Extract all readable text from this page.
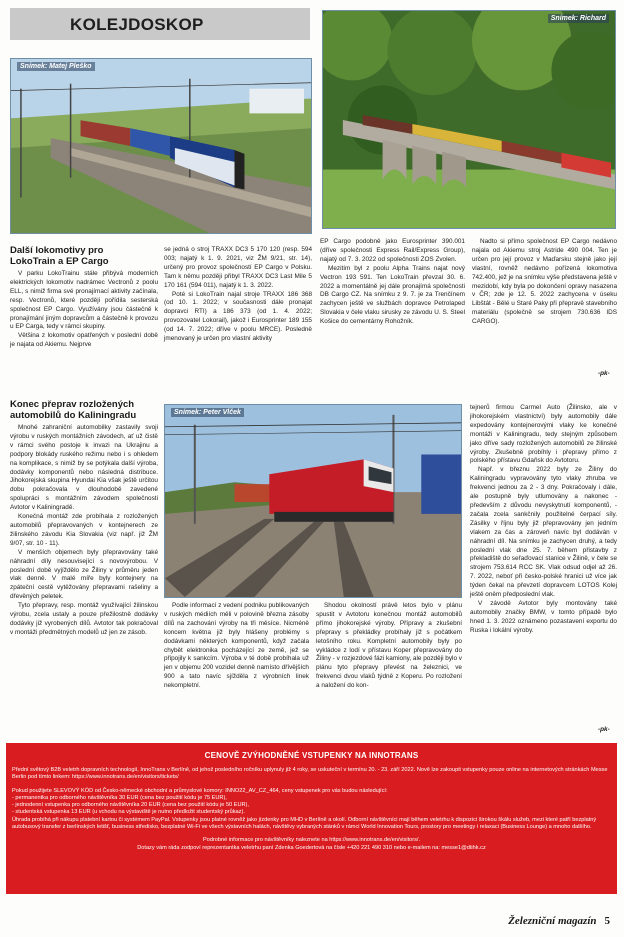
KOLEJDOSKOP
Snímek: Matej Pleško
Snímek: Richard
Další lokomotivy pro LokoTrain a EP Cargo

V parku LokoTrainu stále přibývá moderních elektrických lokomotiv nadrámec Vectronů z poolu ELL, s nimiž firma své pronajímací aktivity začínala, resp. Vectronů, které později pořídila sesterská společnost EP Cargo. Využívány jsou částečně k pronajímání jiným dopravcům a částečně k provozu u EP Carga, tedy v rámci skupiny.

Většina z lokomotiv opatřených v poslední době je najata od Akiemu. Nejprve

se jedná o stroj TRAXX DC3 5 170 120 (resp. 594 003; najatý k 1. 9. 2021, viz ŽM 9/21, str. 14), určený pro provoz společností EP Cargo v Polsku. Tam k němu později přibyl TRAXX DC3 Last Mile 5 170 161 (594 011), najatý k 1. 3. 2022.

Poté si LokoTrain najal stroje TRAXX 186 368 (od 10. 1. 2022; v současnosti dále pronajat dopravci RTI) a 186 373 (od 1. 4. 2022; provozovatel Lokorail), jakož i Eurosprinter 189 155 (od 14. 7. 2022; dříve v poolu MRCE). Posledně jmenovaný je určen pro vlastní aktivity

EP Cargo podobně jako Eurosprinter 390.001 (dříve společnosti Express Rail/Express Group), najatý od 7. 3. 2022 od společnosti ZOS Zvolen.

Mezitím byl z poolu Alpha Trains najat nový Vectron 193 591. Ten LokoTrain převzal 30. 6. 2022 a momentálně jej dále pronajímá společnosti DB Cargo CZ. Na snímku z 9. 7. je za Trenčínem zachycen ještě ve službách dopravce Petrolaped Slovakia v čele vlaku sirusky ze závodu U. S. Steel Košice do cementárny Rohožník.

Nadto si přímo společnost EP Cargo nedávno najala od Akiemu stroj Astride 490 004. Ten je určen pro její provoz v Maďarsku stejně jako její vlastní, rovněž nedávno pořízená lokomotiva 742.400, jež je na snímku výše představena ještě v mezidobí, kdy byla po dokončení opravy nasazena v ČR; zde je 12. 5. 2022 zachycena v úseku Libštát - Bělé u Staré Paky při přepravě stavebního materiálu (společně se strojem 730.636 IDS CARGO).

-pk-
Konec přeprav rozložených automobilů do Kaliningradu

Mnohé zahraniční automobilky zastavily svoji výrobu v ruských montážních závodech, ať už čistě v rámci svého postoje k invazi na Ukrajinu a podpory blokády ruského režimu nebo i s ohledem na komplikace, s nimiž by se potýkala další výroba, dodávky komponentů nebo následná distribuce. Jihokorejská skupina Hyundai Kia však ještě určitou dobu pokračovala v dlouhodobě zavedené spolupráci s montážním závodem společnosti Avtotor v Kaliningradě.

Konečná montáž zde probíhala z rozložených automobilů přepravovaných v kontejnerech ze žilinského závodu Kia Slovakia (viz např. již ŽM 9/07, str. 10 - 11).

V menších objemech byly přepravovány také náhradní díly nesouvisející s novovýrobou. V poslední době vyjíždělo ze Žiliny v průměru jeden vlak denně. V malé míře byly kontejnery na zpáteční cestě vytěžovány přepravami rašeliny a dřevěných peletek.

Tyto přepravy, resp. montáž využívající žilinskou výrobu, zcela ustaly a pouze přežilostně dodávky dodávky již vyrobených dílů. Avtotor tak pokračoval v montáži předmětných modelů už jen ze zásob.

Snímek: Peter Vlček

Podle informací z vedení podniku publikovaných v ruských médiích měli v polovině března zásoby dílů na zachování výroby na tři měsíce. Nicméně koncem května již byly hlášeny problémy s dodávkami některých komponentů, když začala chybět elektronika pocházející ze země, jež se připojily k sankcím. Výroba v té době probíhala už jen v objemu 200 vozidel denně namísto dřívějších 900 a tato navíc sjížděla z výrobních linek nekompletní.

Shodou okolností právě letos bylo v plánu spustit v Avtotoru konečnou montáž automobilů přímo jihokorejské výroby. Přípravy a zkušební přepravy s překládky probíhaly již s počátkem letošního roku. Kompletní automobily byly po vykládce z lodí v přístavu Koper přepravovány do Žiliny - v rozjezdové fázi kamiony, ale později bylo v plánu tyto přepravy převést na železnici, ve frekvenci dvou vlaků týdně z Koperu. Po rozložení a naložení do kon-

tejnerů firmou Carmel Auto (Žilinsko, ale v jihokorejském vlastnictví) byly automobily dále expedovány kontejnerovými vlaky ke konečné montáži v Kaliningradu, tedy stejným způsobem jako dříve sady rozložených automobilů ze žilinské výroby. Zkušebně probíhly i přepravy přímo z polského přístavu Gdaňsk do Avtotoru.

Např. v březnu 2022 byly ze Žiliny do Kaliningradu vypravovány tyto vlaky zhruba ve frekvenci jednou za 2 - 3 dny. Pokračovaly i dále, ale postupně byly utlumovány a nakonec - především z důvodu nevyskytnutí komponentů, - začala zcela sankčnily použitelné čerpací síly. Zásilky v říjnu byly již přepravovány jen jedním vlakem za čas a zároveň navíc byl dodáván v náhradní díl. Na snímku je zachycen druhý, a tedy poslední vlak dne 25. 7. během přistavby z překladiště do seřaďovací stanice v Žilině, v čele se strojem 753.614 RCC SK. Vlak odsud odjel až 26. 7. 2022, neboť při česko-polské hranici už více jak týden čekal na převzetí dopravcem LOTOS Kolej ještě oněm předposlední vlak.

V závodě Avtotor byly montovány také automobily značky BMW, v tomto případě bylo hned 1. 3. 2022 oznámeno pozastavení exportu do Ruska i lokální výroby.

-pk-
CENOVĚ ZVÝHODNĚNÉ VSTUPENKY NA INNOTRANS
Přední světový B2B veletrh dopravních technologií, InnoTrans v Berlíně, od jehož posledního ročníku uplynuly již 4 roky, se uskuteční v termínu 20. - 23. září 2022. Nově lze zakoupit vstupenky pouze online na internetových stránkách Messe Berlin pod tímto linkem: https://www.innotrans.de/en/visitors/tickets/
Pokud použijete SLEVOVÝ KÓD od Česko-německé obchodní a průmyslové komory: INNO22_AV_CZ_464, ceny vstupenek pro vás budou následující:
- permanentka pro odborného návštěvníka 30 EUR (cena bez použití kódu je 75 EUR),
- jednodenní vstupenka pro odborného návštěvníka 20 EUR (cena bez použití kódu je 50 EUR),
- studentská vstupenka 13 EUR (u vchodu na výstaviště je nutno předložit studentský průkaz).
Úhrada probíhá při nákupu platební kartou či systémem PayPal. Vstupenky jsou platné rovněž jako jízdenky pro MHD v Berlíně a okolí. Odborní návštěvníci mají během veletrhu k dispozici širokou škálu služeb, mezi které patří bezplatný autobusový transfer z berlínských letišť, business středisko, bezplatné Wi-Fi ve všech výstavních halách, návštěvy vybraných stánků v rámci World Innovation Tours, prostory pro meetingy i relaxaci (Business Lounge) a mnoho dalšího.
Podrobné informace pro návštěvníky naleznete na https://www.innotrans.de/en/visitors/.
Dotazy vám ráda zodpoví reprezentantka veletrhu paní Zdenka Goedertová na čísle +420 221 490 310 nebo e-mailem na: messe1@dtihk.cz
Železniční magazín 5
